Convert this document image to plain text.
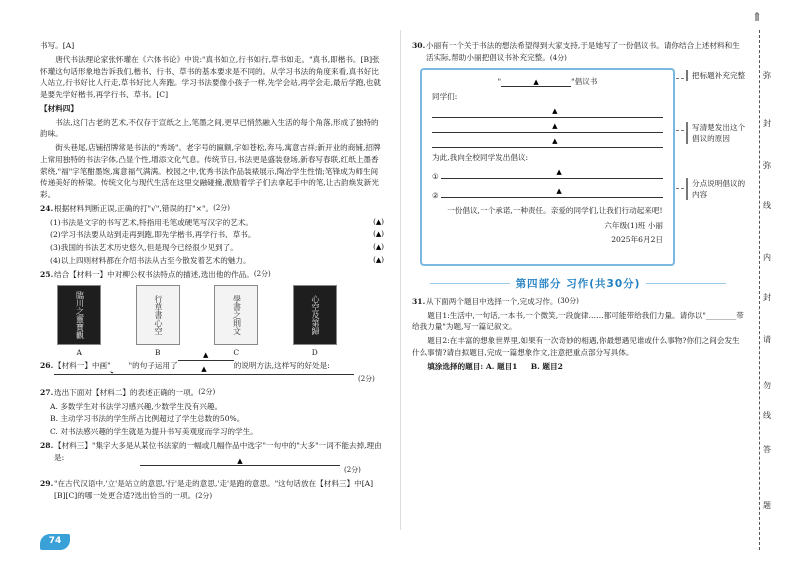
书写。[A]
唐代书法理论家张怀瓘在《六体书论》中说:"真书如立,行书如行,草书如走。"真书,即楷书。[B]张怀瓘这句话形象地告诉我们,楷书、行书、草书的基本要求是不同的。从学习书法的角度来看,真书好比人站立,行书好比人行走,草书好比人奔跑。学习书法要像小孩子一样,先学会站,再学会走,最后学跑,也就是要先学好楷书,再学行书、草书。[C]
【材料四】
书法,这门古老的艺术,不仅存于宣纸之上,笔墨之间,更早已悄然融入生活的每个角落,形成了独特的韵味。
街头巷尾,店铺招牌常是书法的"秀场"。老字号的匾额,字如苍松,奔马,寓意吉祥;新开业的商铺,招牌上常用独特的书法字体,凸显个性,增添文化气息。传统节日,书法更是盛装登场,新春写春联,红纸上墨香萦绕,"福"字笔酣墨饱,寓意福气满满。校园之中,优秀书法作品装裱展示,陶冶学生性情;笔锋成为师生间传递美好的桥梁。传统文化与现代生活在这里交融碰撞,激励着学子们去拿起手中的笔,让古韵焕发新光彩。
24. 根据材料判断正误,正确的打"√",错误的打"×"。 (2分)
(1)书法是文字的书写艺术,特指用毛笔或硬笔写汉字的艺术。	(▲)
(2)学习书法要从站到走再到跑,即先学楷书,再学行书、草书。	(▲)
(3)我国的书法艺术历史悠久,但是现今已经很少见到了。	(▲)
(4)以上四则材料都在介绍书法从古至今散发着艺术的魅力。	(▲)
25. 结合【材料一】中对柳公权书法特点的描述,选出他的作品。 (2分)
臨川之靈寶觀
A
行草書心空
B
學書之則文
C
心空及第歸
D
26. 【材料一】中画"
"的句子运用了
▲
的说明方法,这样写的好处是:
▲
(2分)
27. 选出下面对【材料二】的表述正确的一项。 (2分)
A. 多数学生对书法学习感兴趣,少数学生没有兴趣。
B. 主动学习书法的学生所占比例超过了学生总数的50%。
C. 对书法感兴趣的学生就是为提升书写美观度而学习的学生。
28. 【材料三】"集字大多是从某位书法家的一幅或几幅作品中选字"一句中的"大多"一词不能去掉,理由是:	▲
(2分)
29. "在古代汉语中,'立'是站立的意思,'行'是走的意思,'走'是跑的意思。"这句话放在【材料三】中[A][B][C]的哪一处更合适?选出恰当的一项。(2分)
74
30. 小丽有一个关于书法的想法希望得到大家支持,于是她写了一份倡议书。请你结合上述材料和生活实际,帮助小丽把倡议书补充完整。(4分)
"	▲	"倡议书
同学们:
▲
▲
▲
为此,我向全校同学发出倡议:
①
▲
②
▲
一份倡议,一个承诺,一种责任。亲爱的同学们,让我们行动起来吧!
六年级(1)班 小丽
2025年6月2日
把标题补充完整
写清楚发出这个倡议的原因
分点说明倡议的内容
第四部分 习作(共30分)
31. 从下面两个题目中选择一个,完成习作。 (30分)
题目1:生活中,一句话,一本书,一个微笑,一段旋律……都可能带给我们力量。请你以"________带给我力量"为题,写一篇记叙文。
题目2:在丰富的想象世界里,如果有一次奇妙的相遇,你最想遇见谁或什么事物?你们之间会发生什么事情?请自拟题目,完成一篇想象作文,注意把重点部分写具体。
填涂选择的题目: A. 题目1 B. 题目2
⇑
弥
封
弥
线
内
封
请
勿
线
答
题
